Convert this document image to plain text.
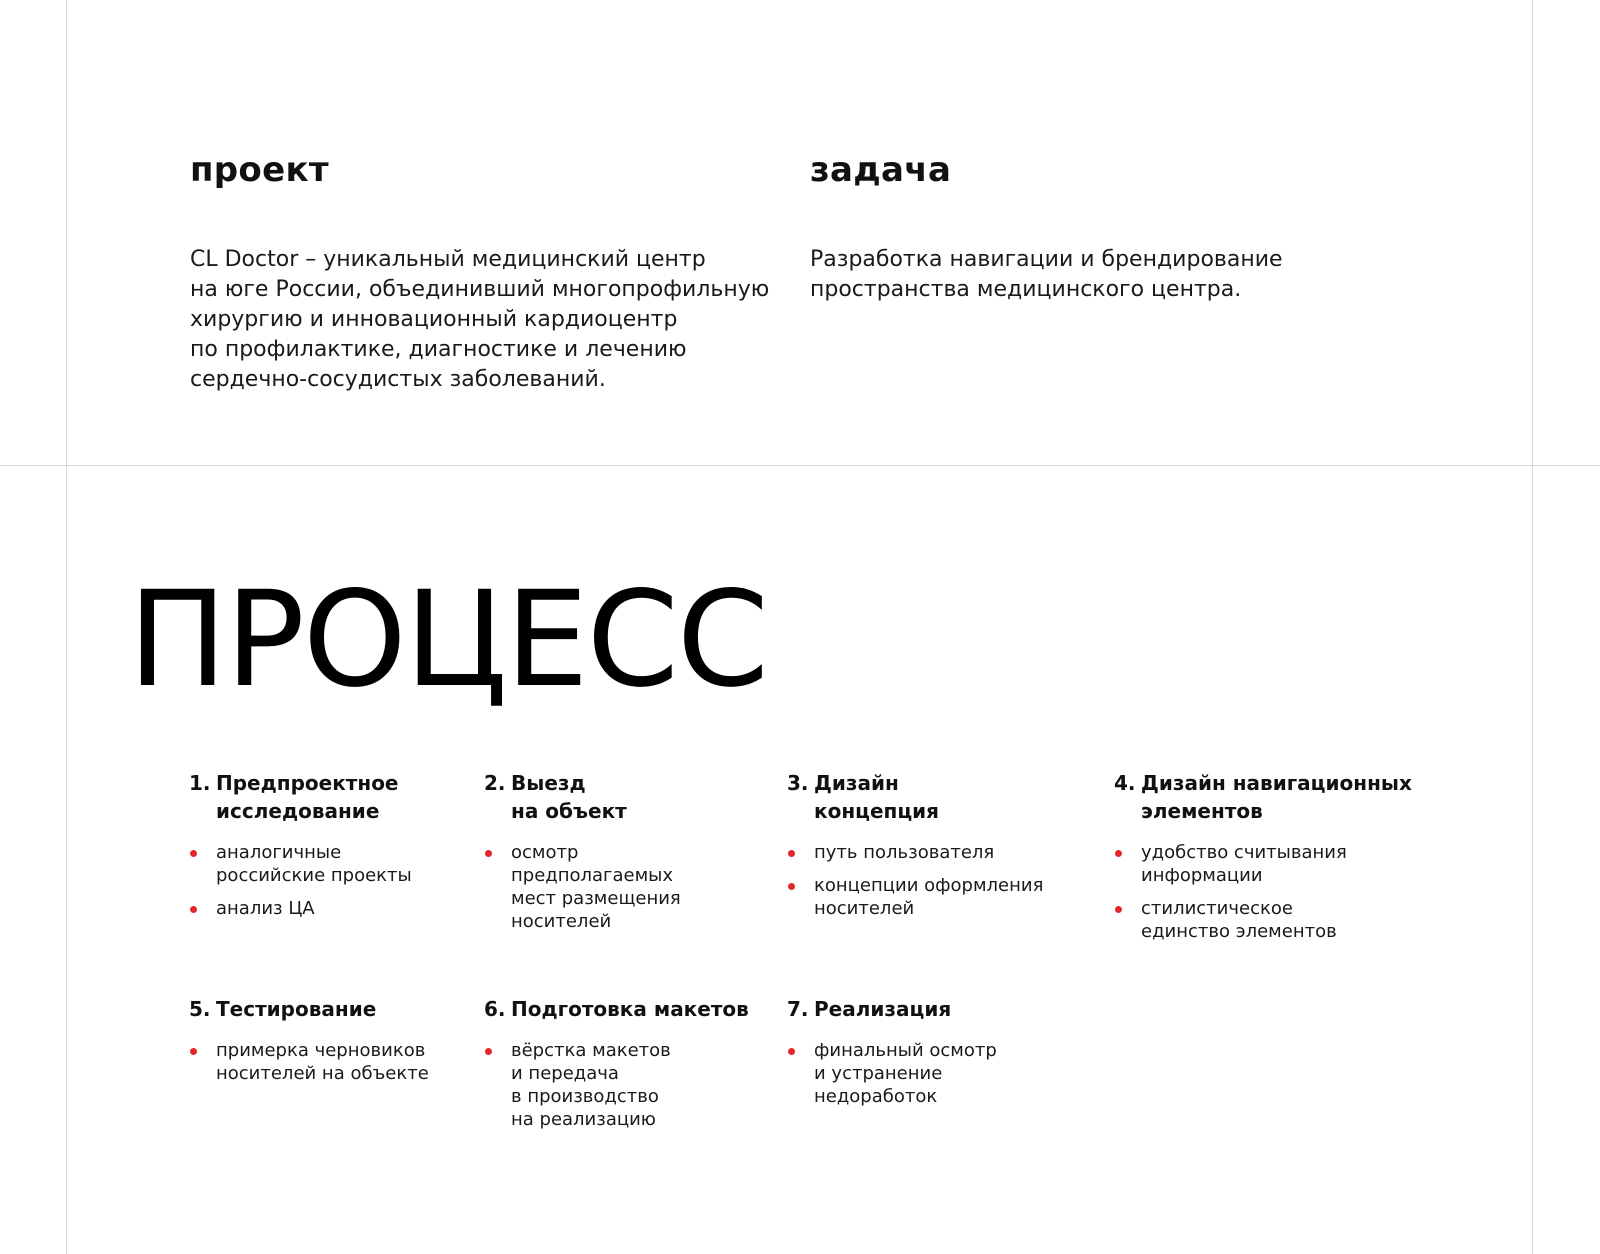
проект

CL Doctor – уникальный медицинский центр
на юге России, объединивший многопрофильную
хирургию и инновационный кардиоцентр
по профилактике, диагностике и лечению
сердечно-сосудистых заболеваний.

задача

Разработка навигации и брендирование
пространства медицинского центра.

ПРОЦЕСС
1. Предпроектное
исследование
аналогичные
российские проекты
анализ ЦА
2. Выезд
на объект
осмотр
предполагаемых
мест размещения
носителей
3. Дизайн
концепция
путь пользователя
концепции оформления
носителей
4. Дизайн навигационных
элементов
удобство считывания
информации
стилистическое
единство элементов
5. Тестирование
примерка черновиков
носителей на объекте
6. Подготовка макетов
вёрстка макетов
и передача
в производство
на реализацию
7. Реализация
финальный осмотр
и устранение
недоработок
